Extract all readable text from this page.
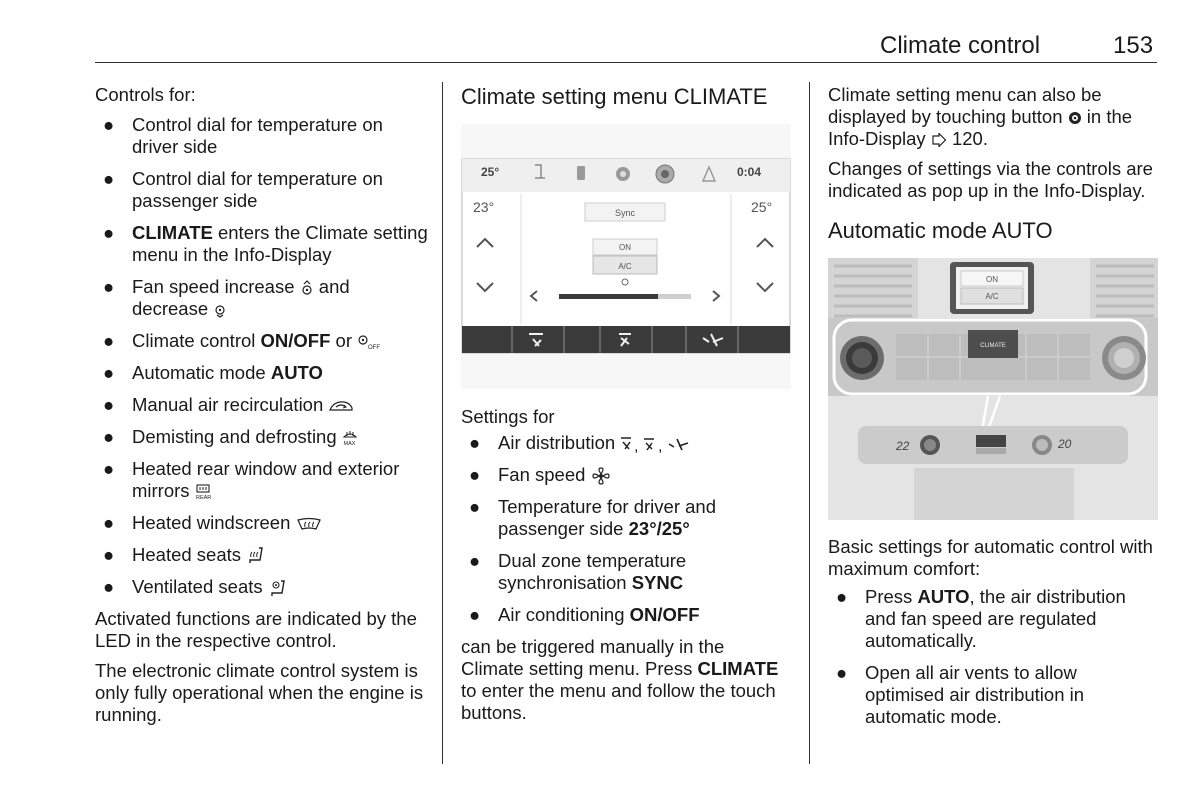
Climate control	153

Controls for:

● Control dial for temperature on driver side
● Control dial for temperature on passenger side
● CLIMATE enters the Climate setting menu in the Info-Display
● Fan speed increase  and decrease
● Climate control ON/OFF or OFF
● Automatic mode AUTO
● Manual air recirculation
● Demisting and defrosting MAX
● Heated rear window and exterior mirrors REAR
● Heated windscreen
● Heated seats
● Ventilated seats

Activated functions are indicated by the LED in the respective control.

The electronic climate control system is only fully operational when the engine is running.

Climate setting menu CLIMATE
25°	0:04
23°	25°
Sync
ON
A/C

Settings for

● Air distribution , ,
● Fan speed
● Temperature for driver and passenger side 23°/25°
● Dual zone temperature synchronisation SYNC
● Air conditioning ON/OFF

can be triggered manually in the Climate setting menu. Press CLIMATE to enter the menu and follow the touch buttons.

Climate setting menu can also be displayed by touching button  in the Info-Display  120.

Changes of settings via the controls are indicated as pop up in the Info-Display.

Automatic mode AUTO
ON
A/C
CLIMATE
22	20

Basic settings for automatic control with maximum comfort:

● Press AUTO, the air distribution and fan speed are regulated automatically.
● Open all air vents to allow optimised air distribution in automatic mode.
